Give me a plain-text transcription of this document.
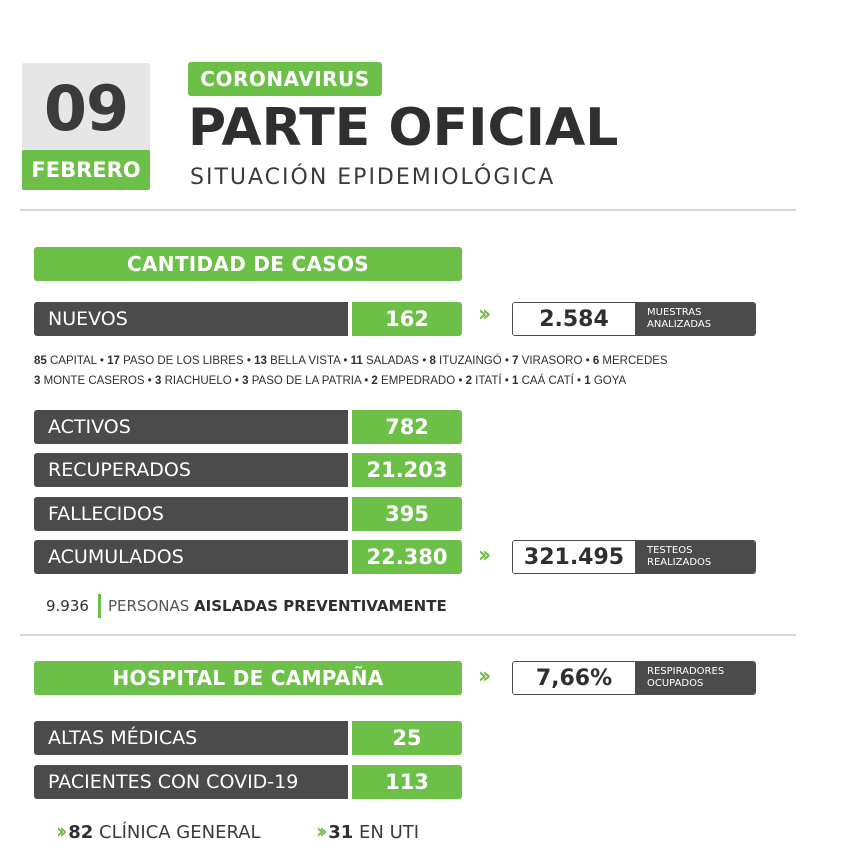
09
FEBRERO
CORONAVIRUS
PARTE OFICIAL
SITUACIÓN EPIDEMIOLÓGICA
CANTIDAD DE CASOS
NUEVOS	162	››	2.584	MUESTRAS
ANALIZADAS
85 CAPITAL • 17 PASO DE LOS LIBRES • 13 BELLA VISTA • 11 SALADAS • 8 ITUZAINGÓ • 7 VIRASORO • 6 MERCEDES
3 MONTE CASEROS • 3 RIACHUELO • 3 PASO DE LA PATRIA • 2 EMPEDRADO • 2 ITATÍ • 1 CAÁ CATÍ • 1 GOYA
ACTIVOS	782
RECUPERADOS	21.203
FALLECIDOS	395
ACUMULADOS	22.380	››	321.495	TESTEOS
REALIZADOS
9.936 PERSONAS AISLADAS PREVENTIVAMENTE
HOSPITAL DE CAMPAÑA	››	7,66%	RESPIRADORES
OCUPADOS
ALTAS MÉDICAS	25
PACIENTES CON COVID-19	113
›› 82 CLÍNICA GENERAL	›› 31 EN UTI
